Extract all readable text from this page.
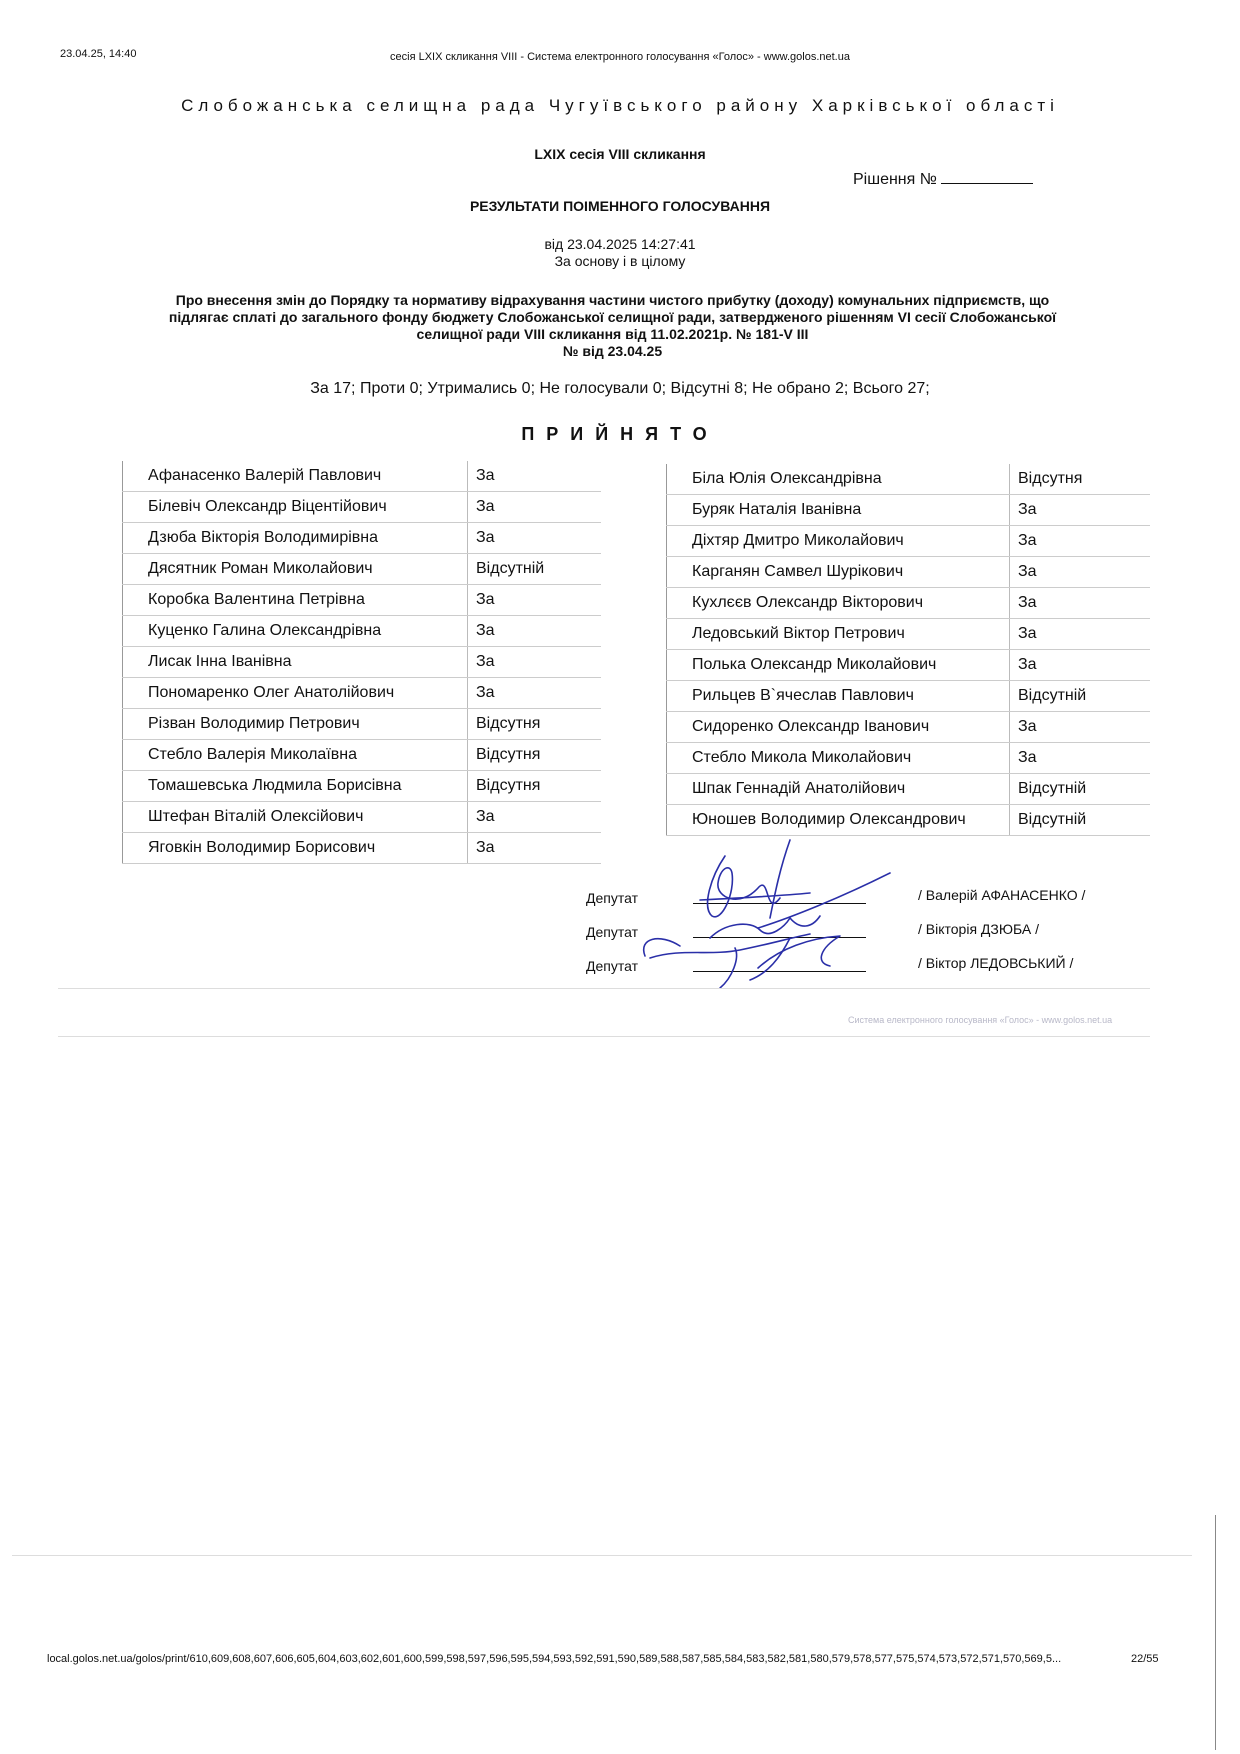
23.04.25, 14:40	сесія LXIX скликання VIII - Система електронного голосування «Голос» - www.golos.net.ua
Слобожанська селищна рада Чугуївського району Харківської області
LXIX сесія VIII скликання
Рішення №
РЕЗУЛЬТАТИ ПОІМЕННОГО ГОЛОСУВАННЯ
від 23.04.2025 14:27:41
За основу і в цілому
Про внесення змін до Порядку та нормативу відрахування частини чистого прибутку (доходу) комунальних підприємств, що
підлягає сплаті до загального фонду бюджету Слобожанської селищної ради, затвердженого рішенням VI сесії Слобожанської
селищної ради VIII скликання від 11.02.2021р. № 181-V ІІІ
№ від 23.04.25
За 17; Проти 0; Утримались 0; Не голосували 0; Відсутні 8; Не обрано 2; Всього 27;
ПРИЙНЯТО
Афанасенко Валерій Павлович	За
Білевіч Олександр Віцентійович	За
Дзюба Вікторія Володимирівна	За
Дясятник Роман Миколайович	Відсутній
Коробка Валентина Петрівна	За
Куценко Галина Олександрівна	За
Лисак Інна Іванівна	За
Пономаренко Олег Анатолійович	За
Різван Володимир Петрович	Відсутня
Стебло Валерія Миколаївна	Відсутня
Томашевська Людмила Борисівна	Відсутня
Штефан Віталій Олексійович	За
Яговкін Володимир Борисович	За
Біла Юлія Олександрівна	Відсутня
Буряк Наталія Іванівна	За
Діхтяр Дмитро Миколайович	За
Карганян Самвел Шурікович	За
Кухлєєв Олександр Вікторович	За
Ледовський Віктор Петрович	За
Полька Олександр Миколайович	За
Рильцев В`ячеслав Павлович	Відсутній
Сидоренко Олександр Іванович	За
Стебло Микола Миколайович	За
Шпак Геннадій Анатолійович	Відсутній
Юношев Володимир Олександрович	Відсутній
Депутат	/ Валерій АФАНАСЕНКО /
Депутат	/ Вікторія ДЗЮБА /
Депутат	/ Віктор ЛЕДОВСЬКИЙ /
Система електронного голосування «Голос» - www.golos.net.ua
local.golos.net.ua/golos/print/610,609,608,607,606,605,604,603,602,601,600,599,598,597,596,595,594,593,592,591,590,589,588,587,585,584,583,582,581,580,579,578,577,575,574,573,572,571,570,569,5...	22/55
